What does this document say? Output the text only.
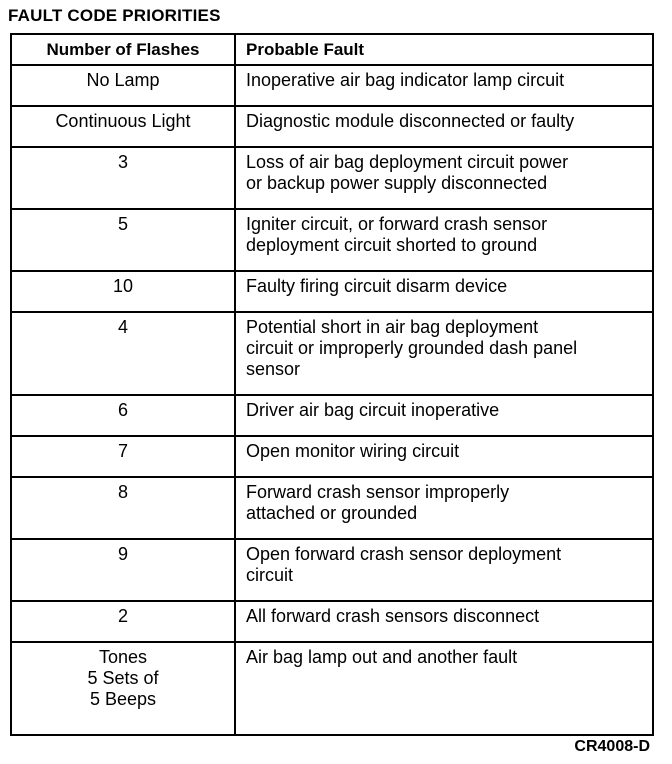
FAULT CODE PRIORITIES
Number of Flashes	Probable Fault
No Lamp	Inoperative air bag indicator lamp circuit
Continuous Light	Diagnostic module disconnected or faulty
3	Loss of air bag deployment circuit power
or backup power supply disconnected
5	Igniter circuit, or forward crash sensor
deployment circuit shorted to ground
10	Faulty firing circuit disarm device
4	Potential short in air bag deployment
circuit or improperly grounded dash panel
sensor
6	Driver air bag circuit inoperative
7	Open monitor wiring circuit
8	Forward crash sensor improperly
attached or grounded
9	Open forward crash sensor deployment
circuit
2	All forward crash sensors disconnect
Tones
5 Sets of
5 Beeps	Air bag lamp out and another fault
CR4008-D
